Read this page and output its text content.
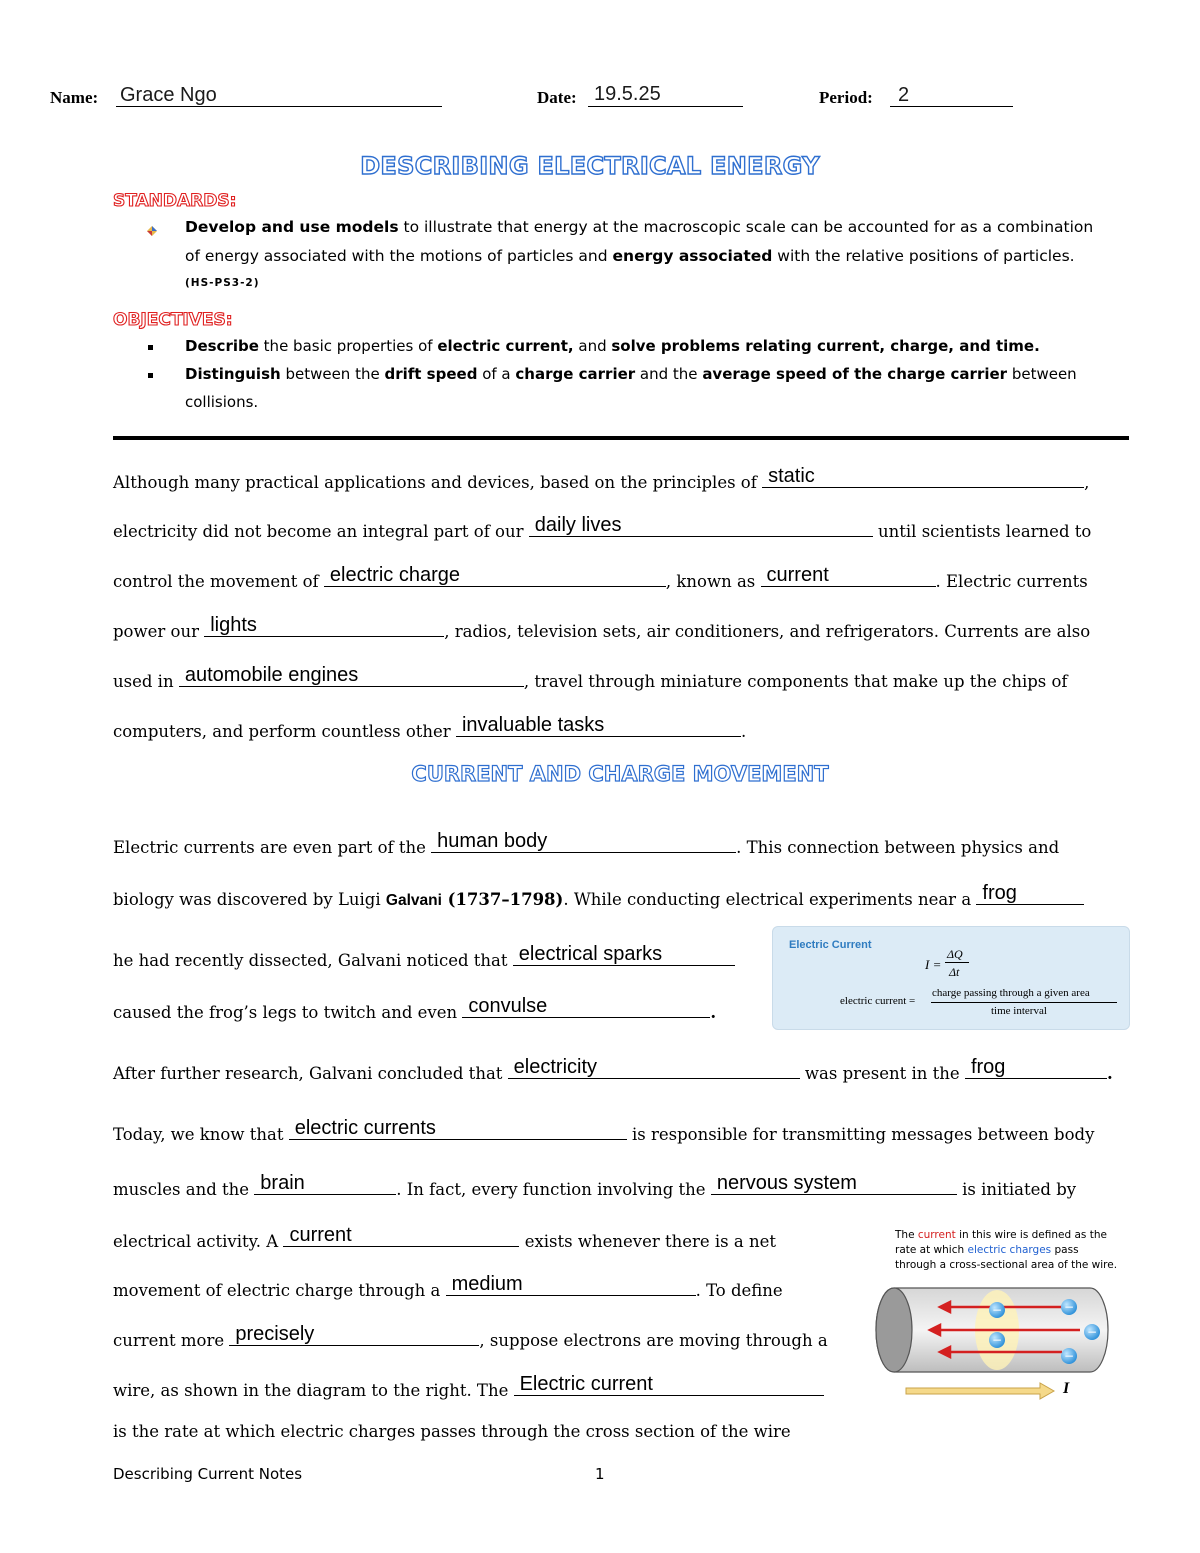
Name: Grace Ngo	Date: 19.5.25	Period: 2
DESCRIBING ELECTRICAL ENERGY
STANDARDS:
Develop and use models to illustrate that energy at the macroscopic scale can be accounted for as a combination
of energy associated with the motions of particles and energy associated with the relative positions of particles.
(HS-PS3-2)
OBJECTIVES:
Describe the basic properties of electric current, and solve problems relating current, charge, and time.
Distinguish between the drift speed of a charge carrier and the average speed of the charge carrier between
collisions.
Although many practical applications and devices, based on the principles of static	,
electricity did not become an integral part of our daily lives	until scientists learned to
control the movement of electric charge	, known as current	. Electric currents
power our lights	, radios, television sets, air conditioners, and refrigerators. Currents are also
used in automobile engines	, travel through miniature components that make up the chips of
computers, and perform countless other invaluable tasks	.
CURRENT AND CHARGE MOVEMENT
Electric currents are even part of the human body	. This connection between physics and
biology was discovered by Luigi Galvani (1737–1798). While conducting electrical experiments near a frog
he had recently dissected, Galvani noticed that electrical sparks
caused the frog’s legs to twitch and even convulse	.
After further research, Galvani concluded that electricity	was present in the frog	.
Today, we know that electric currents	is responsible for transmitting messages between body
muscles and the brain	. In fact, every function involving the nervous system	is initiated by
electrical activity. A current	exists whenever there is a net
movement of electric charge through a medium	. To define
current more precisely	, suppose electrons are moving through a
wire, as shown in the diagram to the right. The Electric current
is the rate at which electric charges passes through the cross section of the wire
Electric Current
I =
ΔQ
Δt
electric current =
charge passing through a given area
time interval
The current in this wire is defined as the
rate at which electric charges pass
through a cross-sectional area of the wire.
−
−
−
−
−
I
Describing Current Notes	1
